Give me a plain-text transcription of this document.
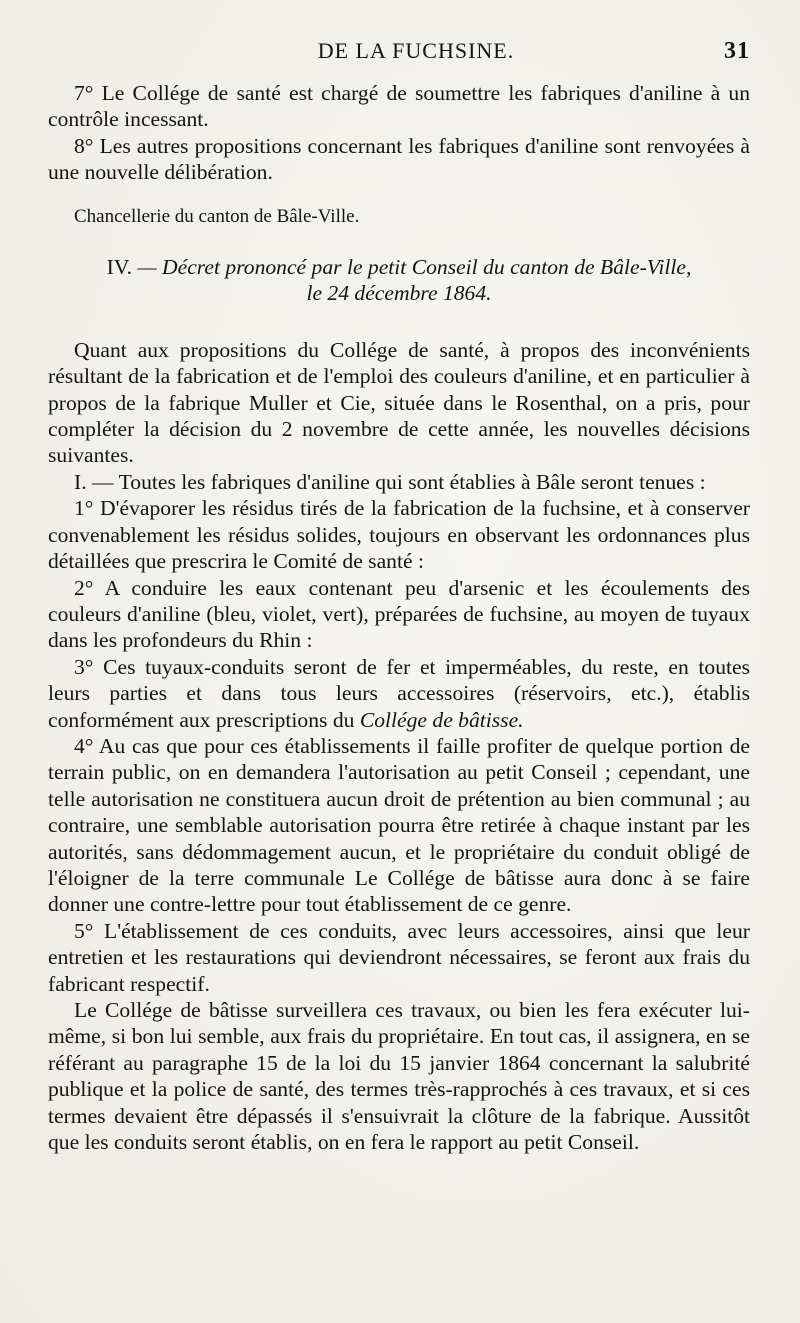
DE LA FUCHSINE.	31

7° Le Collége de santé est chargé de soumettre les fabriques d'aniline à un contrôle incessant.

8° Les autres propositions concernant les fabriques d'aniline sont renvoyées à une nouvelle délibération.

Chancellerie du canton de Bâle-Ville.

IV. — Décret prononcé par le petit Conseil du canton de Bâle-Ville,
le 24 décembre 1864.

Quant aux propositions du Collége de santé, à propos des inconvénients résultant de la fabrication et de l'emploi des couleurs d'aniline, et en particulier à propos de la fabrique Muller et Cie, située dans le Rosenthal, on a pris, pour compléter la décision du 2 novembre de cette année, les nouvelles décisions suivantes.

I. — Toutes les fabriques d'aniline qui sont établies à Bâle seront tenues :

1° D'évaporer les résidus tirés de la fabrication de la fuchsine, et à conserver convenablement les résidus solides, toujours en observant les ordonnances plus détaillées que prescrira le Comité de santé :

2° A conduire les eaux contenant peu d'arsenic et les écoulements des couleurs d'aniline (bleu, violet, vert), préparées de fuchsine, au moyen de tuyaux dans les profondeurs du Rhin :

3° Ces tuyaux-conduits seront de fer et imperméables, du reste, en toutes leurs parties et dans tous leurs accessoires (réservoirs, etc.), établis conformément aux prescriptions du Collége de bâtisse.

4° Au cas que pour ces établissements il faille profiter de quelque portion de terrain public, on en demandera l'autorisation au petit Conseil ; cependant, une telle autorisation ne constituera aucun droit de prétention au bien communal ; au contraire, une semblable autorisation pourra être retirée à chaque instant par les autorités, sans dédommagement aucun, et le propriétaire du conduit obligé de l'éloigner de la terre communale Le Collége de bâtisse aura donc à se faire donner une contre-lettre pour tout établissement de ce genre.

5° L'établissement de ces conduits, avec leurs accessoires, ainsi que leur entretien et les restaurations qui deviendront nécessaires, se feront aux frais du fabricant respectif.

Le Collége de bâtisse surveillera ces travaux, ou bien les fera exécuter lui-même, si bon lui semble, aux frais du propriétaire. En tout cas, il assignera, en se référant au paragraphe 15 de la loi du 15 janvier 1864 concernant la salubrité publique et la police de santé, des termes très-rapprochés à ces travaux, et si ces termes devaient être dépassés il s'ensuivrait la clôture de la fabrique. Aussitôt que les conduits seront établis, on en fera le rapport au petit Conseil.
